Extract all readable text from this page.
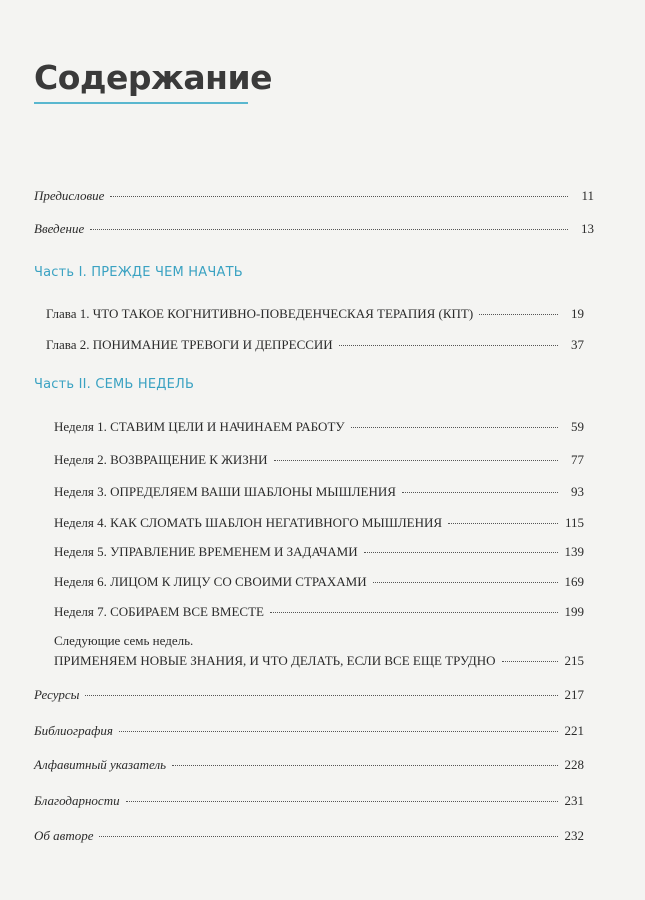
Содержание
Предисловие	11
Введение	13
Часть I. ПРЕЖДЕ ЧЕМ НАЧАТЬ
Глава 1. ЧТО ТАКОЕ КОГНИТИВНО-ПОВЕДЕНЧЕСКАЯ ТЕРАПИЯ (КПТ)	19
Глава 2. ПОНИМАНИЕ ТРЕВОГИ И ДЕПРЕССИИ	37
Часть II. СЕМЬ НЕДЕЛЬ
Неделя 1. СТАВИМ ЦЕЛИ И НАЧИНАЕМ РАБОТУ	59
Неделя 2. ВОЗВРАЩЕНИЕ К ЖИЗНИ	77
Неделя 3. ОПРЕДЕЛЯЕМ ВАШИ ШАБЛОНЫ МЫШЛЕНИЯ	93
Неделя 4. КАК СЛОМАТЬ ШАБЛОН НЕГАТИВНОГО МЫШЛЕНИЯ	115
Неделя 5. УПРАВЛЕНИЕ ВРЕМЕНЕМ И ЗАДАЧАМИ	139
Неделя 6. ЛИЦОМ К ЛИЦУ СО СВОИМИ СТРАХАМИ	169
Неделя 7. СОБИРАЕМ ВСЕ ВМЕСТЕ	199
Следующие семь недель.
ПРИМЕНЯЕМ НОВЫЕ ЗНАНИЯ, И ЧТО ДЕЛАТЬ, ЕСЛИ ВСЕ ЕЩЕ ТРУДНО	215
Ресурсы	217
Библиография	221
Алфавитный указатель	228
Благодарности	231
Об авторе	232
